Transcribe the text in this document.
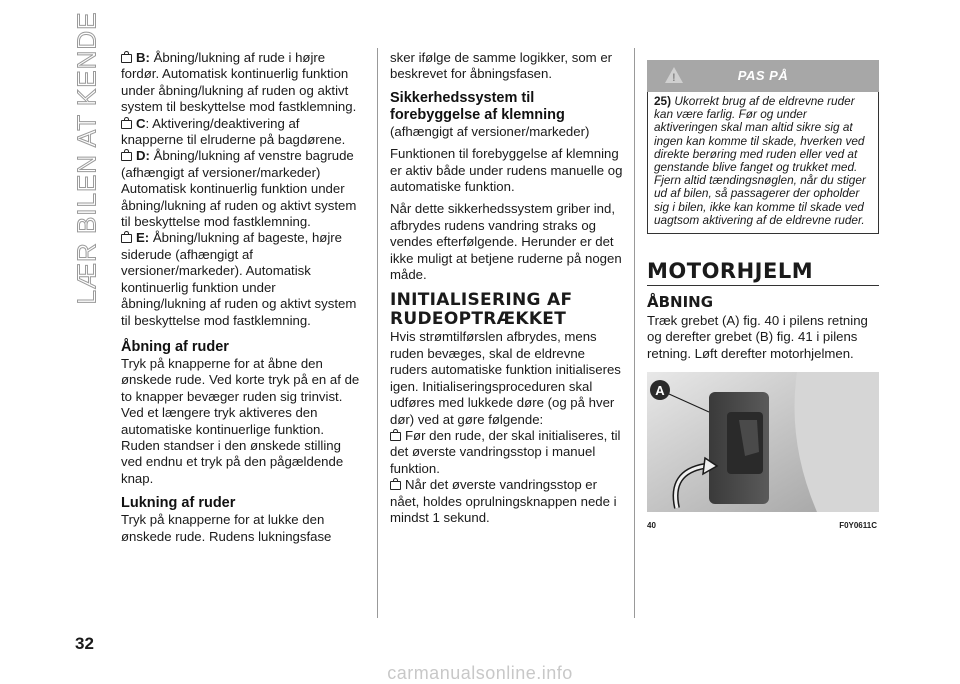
LÆR BILEN AT KENDE	B: Åbning/lukning af rude i højre fordør. Automatisk kontinuerlig funktion under åbning/lukning af ruden og aktivt system til beskyttelse mod fastklemning.

C: Aktivering/deaktivering af knapperne til elruderne på bagdørene.

D: Åbning/lukning af venstre bagrude (afhængigt af versioner/markeder) Automatisk kontinuerlig funktion under åbning/lukning af ruden og aktivt system til beskyttelse mod fastklemning.

E: Åbning/lukning af bageste, højre siderude (afhængigt af versioner/markeder). Automatisk kontinuerlig funktion under åbning/lukning af ruden og aktivt system til beskyttelse mod fastklemning.

Åbning af ruder

Tryk på knapperne for at åbne den ønskede rude. Ved korte tryk på en af de to knapper bevæger ruden sig trinvist. Ved et længere tryk aktiveres den automatiske kontinuerlige funktion. Ruden standser i den ønskede stilling ved endnu et tryk på den pågældende knap.

Lukning af ruder

Tryk på knapperne for at lukke den ønskede rude. Rudens lukningsfase

sker ifølge de samme logikker, som er beskrevet for åbningsfasen.

Sikkerhedssystem til forebyggelse af klemning

(afhængigt af versioner/markeder)

Funktionen til forebyggelse af klemning er aktiv både under rudens manuelle og automatiske funktion.

Når dette sikkerhedssystem griber ind, afbrydes rudens vandring straks og vendes efterfølgende. Herunder er det ikke muligt at betjene ruderne på nogen måde.

INITIALISERING AF RUDEOPTRÆKKET

Hvis strømtilførslen afbrydes, mens ruden bevæges, skal de eldrevne ruders automatiske funktion initialiseres igen. Initialiseringsproceduren skal udføres med lukkede døre (og på hver dør) ved at gøre følgende:

Før den rude, der skal initialiseres, til det øverste vandringsstop i manuel funktion.

Når det øverste vandringsstop er nået, holdes oprulningsknappen nede i mindst 1 sekund.

!	PAS PÅ
25) Ukorrekt brug af de eldrevne ruder kan være farlig. Før og under aktiveringen skal man altid sikre sig at ingen kan komme til skade, hverken ved direkte berøring med ruden eller ved at genstande blive fanget og trukket med. Fjern altid tændingsnøglen, når du stiger ud af bilen, så passagerer der opholder sig i bilen, ikke kan komme til skade ved uagtsom aktivering af de eldrevne ruder.
MOTORHJELM
ÅBNING

Træk grebet (A) fig. 40 i pilens retning og derefter grebet (B) fig. 41 i pilens retning. Løft derefter motorhjelmen.

A
40	F0Y0611C
32
carmanualsonline.info
